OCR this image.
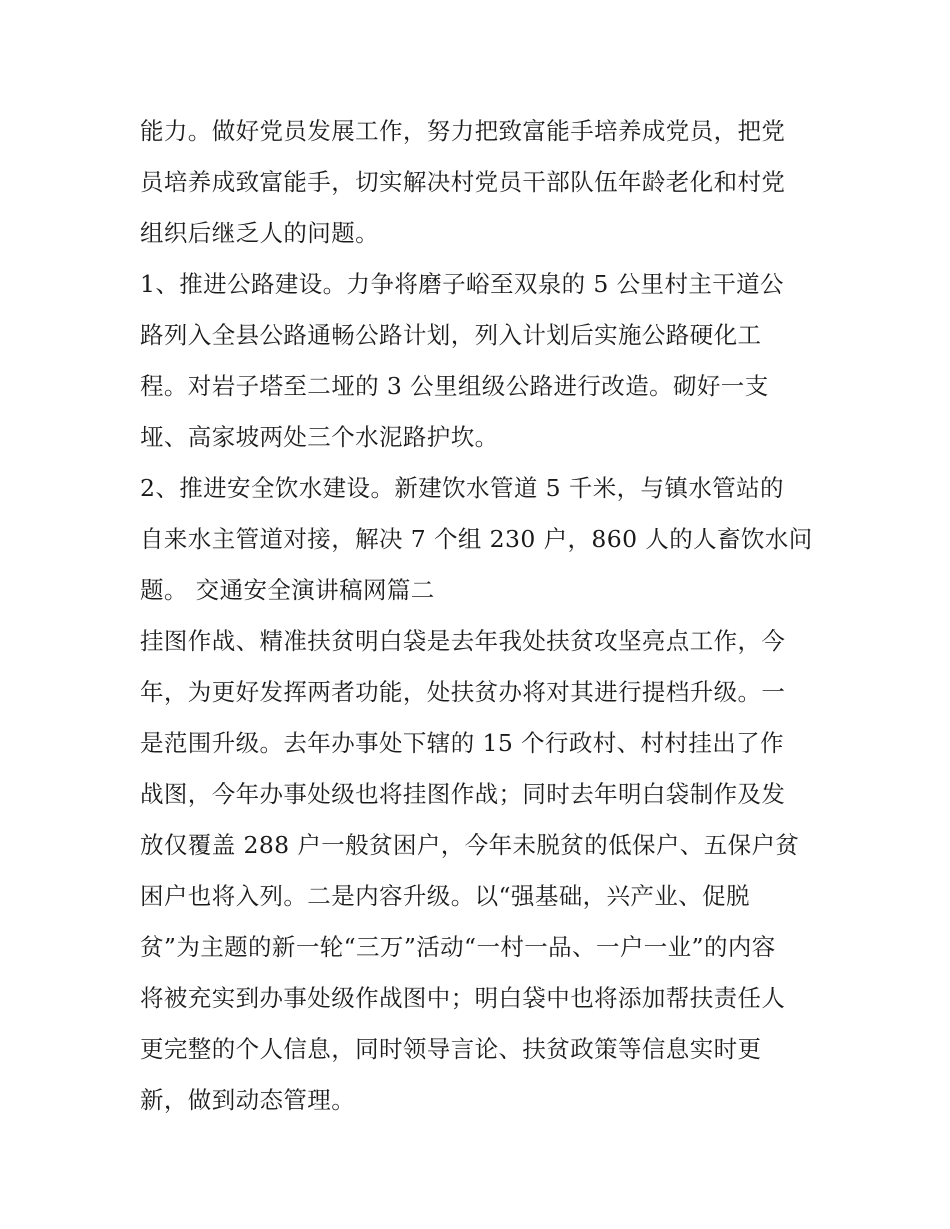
能力。做好党员发展工作，努力把致富能手培养成党员，把党
员培养成致富能手，切实解决村党员干部队伍年龄老化和村党
组织后继乏人的问题。
1、推进公路建设。力争将磨子峪至双泉的 5 公里村主干道公
路列入全县公路通畅公路计划，列入计划后实施公路硬化工
程。对岩子塔至二垭的 3 公里组级公路进行改造。砌好一支
垭、高家坡两处三个水泥路护坎。
2、推进安全饮水建设。新建饮水管道 5 千米，与镇水管站的
自来水主管道对接，解决 7 个组 230 户，860 人的人畜饮水问
题。 交通安全演讲稿网篇二
挂图作战、精准扶贫明白袋是去年我处扶贫攻坚亮点工作，今
年，为更好发挥两者功能，处扶贫办将对其进行提档升级。一
是范围升级。去年办事处下辖的 15 个行政村、村村挂出了作
战图，今年办事处级也将挂图作战；同时去年明白袋制作及发
放仅覆盖 288 户一般贫困户，今年未脱贫的低保户、五保户贫
困户也将入列。二是内容升级。以“强基础，兴产业、促脱
贫”为主题的新一轮“三万”活动“一村一品、一户一业”的内容
将被充实到办事处级作战图中；明白袋中也将添加帮扶责任人
更完整的个人信息，同时领导言论、扶贫政策等信息实时更
新，做到动态管理。
